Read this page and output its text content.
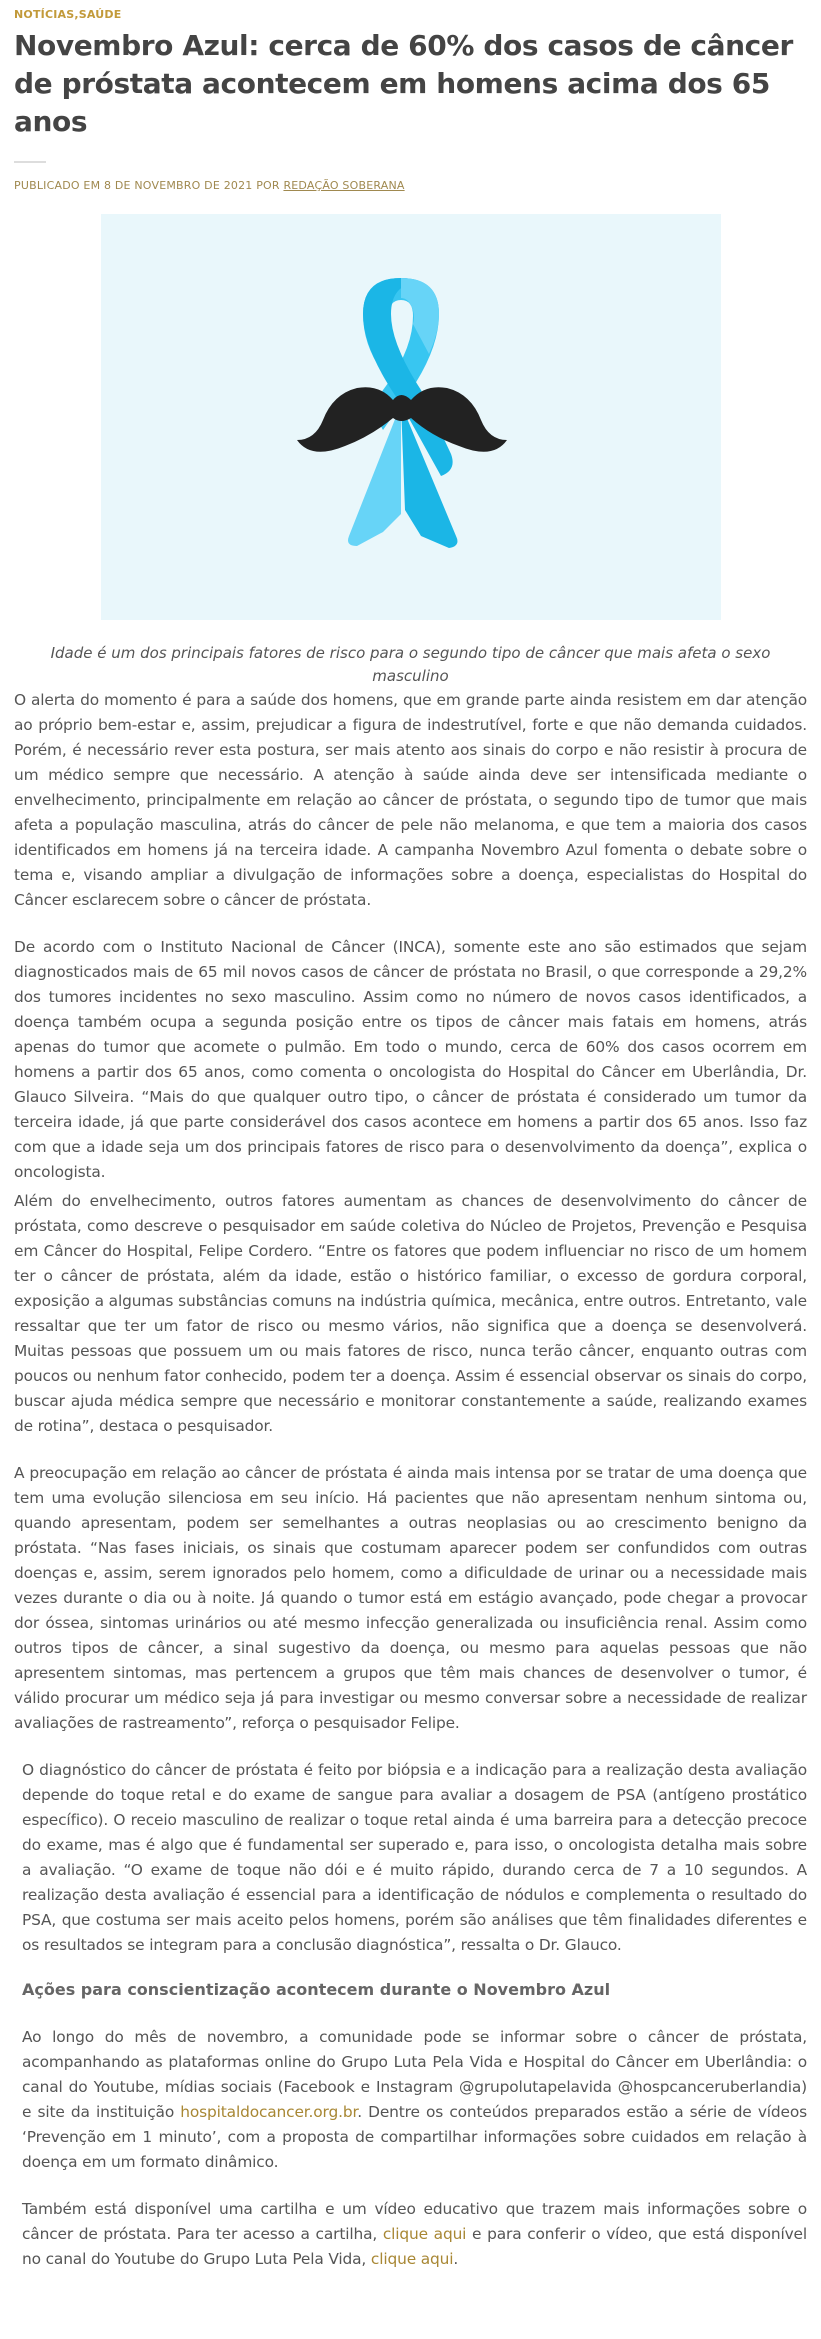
NOTÍCIAS,SAÚDE
Novembro Azul: cerca de 60% dos casos de câncer de próstata acontecem em homens acima dos 65 anos
PUBLICADO EM 8 DE NOVEMBRO DE 2021 POR REDAÇÃO SOBERANA

Idade é um dos principais fatores de risco para o segundo tipo de câncer que mais afeta o sexo masculino

O alerta do momento é para a saúde dos homens, que em grande parte ainda resistem em dar atenção ao próprio bem-estar e, assim, prejudicar a figura de indestrutível, forte e que não demanda cuidados. Porém, é necessário rever esta postura, ser mais atento aos sinais do corpo e não resistir à procura de um médico sempre que necessário. A atenção à saúde ainda deve ser intensificada mediante o envelhecimento, principalmente em relação ao câncer de próstata, o segundo tipo de tumor que mais afeta a população masculina, atrás do câncer de pele não melanoma, e que tem a maioria dos casos identificados em homens já na terceira idade. A campanha Novembro Azul fomenta o debate sobre o tema e, visando ampliar a divulgação de informações sobre a doença, especialistas do Hospital do Câncer esclarecem sobre o câncer de próstata.

De acordo com o Instituto Nacional de Câncer (INCA), somente este ano são estimados que sejam diagnosticados mais de 65 mil novos casos de câncer de próstata no Brasil, o que corresponde a 29,2% dos tumores incidentes no sexo masculino. Assim como no número de novos casos identificados, a doença também ocupa a segunda posição entre os tipos de câncer mais fatais em homens, atrás apenas do tumor que acomete o pulmão. Em todo o mundo, cerca de 60% dos casos ocorrem em homens a partir dos 65 anos, como comenta o oncologista do Hospital do Câncer em Uberlândia, Dr. Glauco Silveira. “Mais do que qualquer outro tipo, o câncer de próstata é considerado um tumor da terceira idade, já que parte considerável dos casos acontece em homens a partir dos 65 anos. Isso faz com que a idade seja um dos principais fatores de risco para o desenvolvimento da doença”, explica o oncologista.

Além do envelhecimento, outros fatores aumentam as chances de desenvolvimento do câncer de próstata, como descreve o pesquisador em saúde coletiva do Núcleo de Projetos, Prevenção e Pesquisa em Câncer do Hospital, Felipe Cordero. “Entre os fatores que podem influenciar no risco de um homem ter o câncer de próstata, além da idade, estão o histórico familiar, o excesso de gordura corporal, exposição a algumas substâncias comuns na indústria química, mecânica, entre outros. Entretanto, vale ressaltar que ter um fator de risco ou mesmo vários, não significa que a doença se desenvolverá. Muitas pessoas que possuem um ou mais fatores de risco, nunca terão câncer, enquanto outras com poucos ou nenhum fator conhecido, podem ter a doença. Assim é essencial observar os sinais do corpo, buscar ajuda médica sempre que necessário e monitorar constantemente a saúde, realizando exames de rotina”, destaca o pesquisador.

A preocupação em relação ao câncer de próstata é ainda mais intensa por se tratar de uma doença que tem uma evolução silenciosa em seu início. Há pacientes que não apresentam nenhum sintoma ou, quando apresentam, podem ser semelhantes a outras neoplasias ou ao crescimento benigno da próstata. “Nas fases iniciais, os sinais que costumam aparecer podem ser confundidos com outras doenças e, assim, serem ignorados pelo homem, como a dificuldade de urinar ou a necessidade mais vezes durante o dia ou à noite. Já quando o tumor está em estágio avançado, pode chegar a provocar dor óssea, sintomas urinários ou até mesmo infecção generalizada ou insuficiência renal. Assim como outros tipos de câncer, a sinal sugestivo da doença, ou mesmo para aquelas pessoas que não apresentem sintomas, mas pertencem a grupos que têm mais chances de desenvolver o tumor, é válido procurar um médico seja já para investigar ou mesmo conversar sobre a necessidade de realizar avaliações de rastreamento”, reforça o pesquisador Felipe.

O diagnóstico do câncer de próstata é feito por biópsia e a indicação para a realização desta avaliação depende do toque retal e do exame de sangue para avaliar a dosagem de PSA (antígeno prostático específico). O receio masculino de realizar o toque retal ainda é uma barreira para a detecção precoce do exame, mas é algo que é fundamental ser superado e, para isso, o oncologista detalha mais sobre a avaliação. “O exame de toque não dói e é muito rápido, durando cerca de 7 a 10 segundos. A realização desta avaliação é essencial para a identificação de nódulos e complementa o resultado do PSA, que costuma ser mais aceito pelos homens, porém são análises que têm finalidades diferentes e os resultados se integram para a conclusão diagnóstica”, ressalta o Dr. Glauco.

Ações para conscientização acontecem durante o Novembro Azul

Ao longo do mês de novembro, a comunidade pode se informar sobre o câncer de próstata, acompanhando as plataformas online do Grupo Luta Pela Vida e Hospital do Câncer em Uberlândia: o canal do Youtube, mídias sociais (Facebook e Instagram @grupolutapelavida @hospcanceruberlandia) e site da instituição hospitaldocancer.org.br. Dentre os conteúdos preparados estão a série de vídeos ‘Prevenção em 1 minuto’, com a proposta de compartilhar informações sobre cuidados em relação à doença em um formato dinâmico.

Também está disponível uma cartilha e um vídeo educativo que trazem mais informações sobre o câncer de próstata. Para ter acesso a cartilha, clique aqui e para conferir o vídeo, que está disponível no canal do Youtube do Grupo Luta Pela Vida, clique aqui.
